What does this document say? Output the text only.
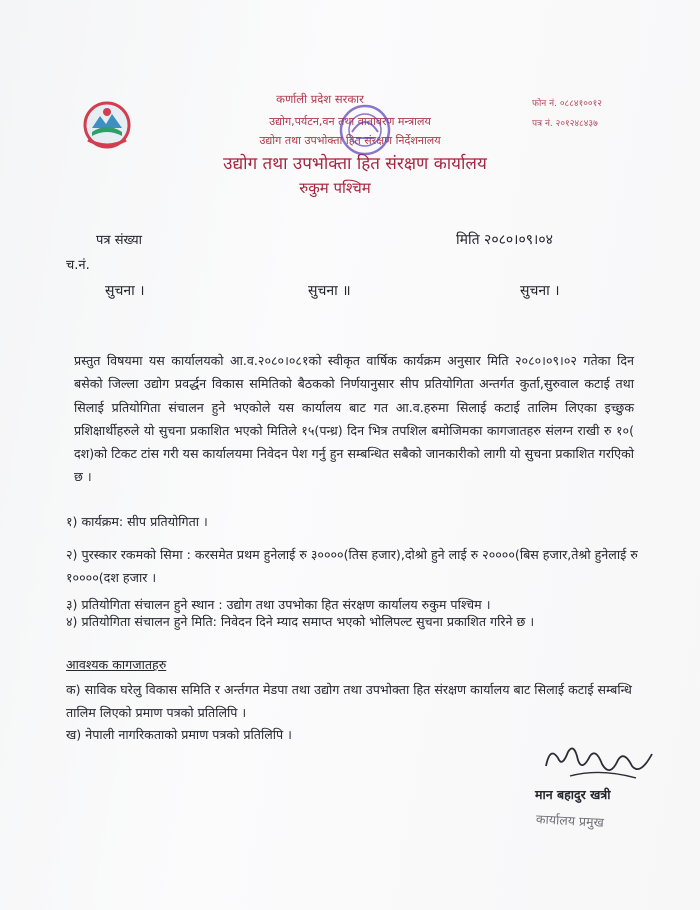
कर्णाली प्रदेश सरकार
उद्योग,पर्यटन,वन तथा वातावरण मन्त्रालय
उद्योग तथा उपभोक्ता हित संरक्षण निर्देशनालय
उद्योग तथा उपभोक्ता हित संरक्षण कार्यालय
रुकुम पश्चिम
फोन नं. ०८८४१००१२
पत्र नं. २०१२४८४३७
पत्र संख्या	मिति २०८०।०९।०४
च.नं.
सुचना ।	सुचना ॥	सुचना ।
प्रस्तुत विषयमा यस कार्यालयको आ.व.२०८०।०८१को स्वीकृत वार्षिक कार्यक्रम अनुसार मिति २०८०।०९।०२ गतेका दिन बसेको जिल्ला उद्योग प्रवर्द्धन विकास समितिको बैठकको निर्णयानुसार सीप प्रतियोगिता अन्तर्गत कुर्ता,सुरुवाल कटाई तथा सिलाई प्रतियोगिता संचालन हुने भएकोले यस कार्यालय बाट गत आ.व.हरुमा सिलाई कटाई तालिम लिएका इच्छुक प्रशिक्षार्थीहरुले यो सुचना प्रकाशित भएको मितिले १५(पन्ध्र) दिन भित्र तपशिल बमोजिमका कागजातहरु संलग्न राखी रु १०( दश)को टिकट टांस गरी यस कार्यालयमा निवेदन पेश गर्नु हुन सम्बन्धित सबैको जानकारीको लागी यो सुचना प्रकाशित गरएिको छ ।
१) कार्यक्रम: सीप प्रतियोगिता ।
२) पुरस्कार रकमको सिमा : करसमेत प्रथम हुनेलाई रु ३००००(तिस हजार),दोश्रो हुने लाई रु २००००(बिस हजार,तेश्रो हुनेलाई रु १००००(दश हजार ।
३) प्रतियोगिता संचालन हुने स्थान : उद्योग तथा उपभोका हित संरक्षण कार्यालय रुकुम पश्चिम ।
४) प्रतियोगिता संचालन हुने मिति: निवेदन दिने म्याद समाप्त भएको भोलिपल्ट सुचना प्रकाशित गरिने छ ।
आवश्यक कागजातहरु
क) साविक घरेलु विकास समिति र अर्न्तगत मेडपा तथा उद्योग तथा उपभोक्ता हित संरक्षण कार्यालय बाट सिलाई कटाई सम्बन्धि तालिम लिएको प्रमाण पत्रको प्रतिलिपि ।
ख) नेपाली नागरिकताको प्रमाण पत्रको प्रतिलिपि ।
मान बहादुर खत्री
कार्यालय प्रमुख
